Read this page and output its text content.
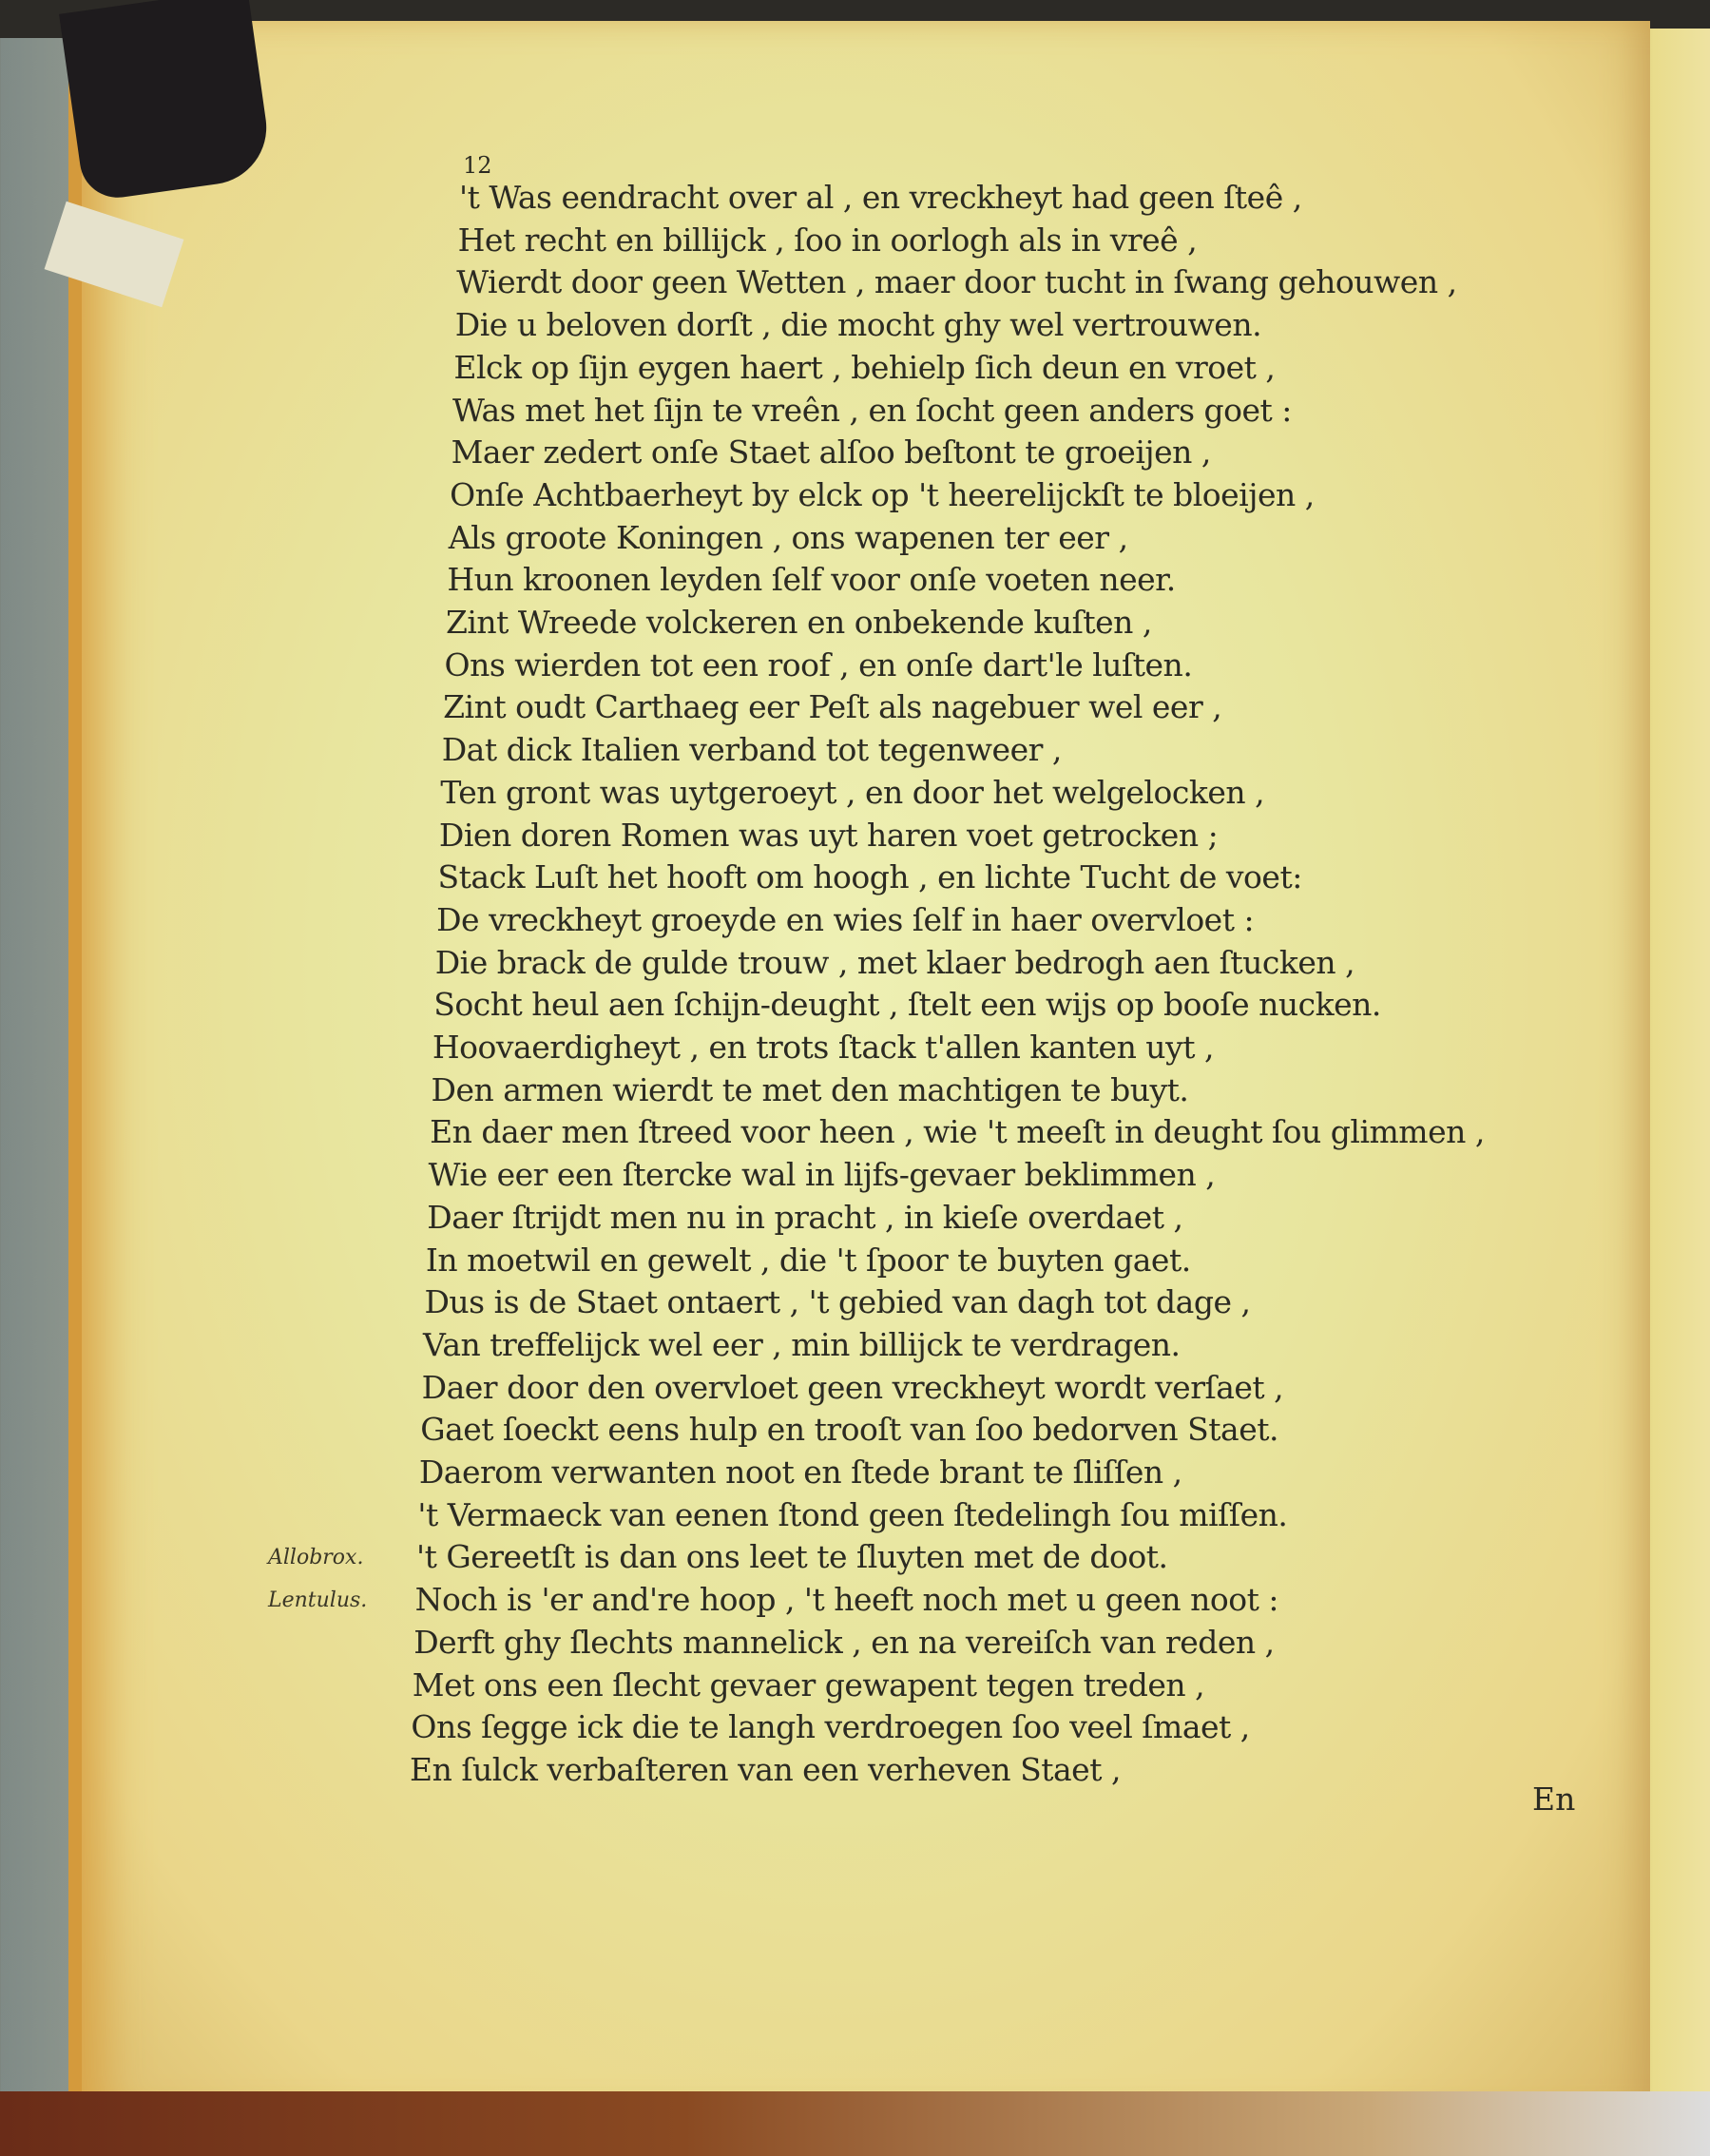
12
't Was eendracht over al , en vreckheyt had geen ſteê ,
Het recht en billijck , ſoo in oorlogh als in vreê ,
Wierdt door geen Wetten , maer door tucht in ſwang gehouwen ,
Die u beloven dorſt , die mocht ghy wel vertrouwen.
Elck op ſijn eygen haert , behielp ſich deun en vroet ,
Was met het ſijn te vreên , en ſocht geen anders goet :
Maer zedert onſe Staet alſoo beſtont te groeijen ,
Onſe Achtbaerheyt by elck op 't heerelijckſt te bloeijen ,
Als groote Koningen , ons wapenen ter eer ,
Hun kroonen leyden ſelf voor onſe voeten neer.
Zint Wreede volckeren en onbekende kuſten ,
Ons wierden tot een roof , en onſe dart'le luſten.
Zint oudt Carthaeg eer Peſt als nagebuer wel eer ,
Dat dick Italien verband tot tegenweer ,
Ten gront was uytgeroeyt , en door het welgelocken ,
Dien doren Romen was uyt haren voet getrocken ;
Stack Luſt het hooft om hoogh , en lichte Tucht de voet:
De vreckheyt groeyde en wies ſelf in haer overvloet :
Die brack de gulde trouw , met klaer bedrogh aen ſtucken ,
Socht heul aen ſchijn-deught , ſtelt een wijs op booſe nucken.
Hoovaerdigheyt , en trots ſtack t'allen kanten uyt ,
Den armen wierdt te met den machtigen te buyt.
En daer men ſtreed voor heen , wie 't meeſt in deught ſou glimmen ,
Wie eer een ſtercke wal in lijfs-gevaer beklimmen ,
Daer ſtrijdt men nu in pracht , in kieſe overdaet ,
In moetwil en gewelt , die 't ſpoor te buyten gaet.
Dus is de Staet ontaert , 't gebied van dagh tot dage ,
Van treffelijck wel eer , min billijck te verdragen.
Daer door den overvloet geen vreckheyt wordt verſaet ,
Gaet ſoeckt eens hulp en trooſt van ſoo bedorven Staet.
Daerom verwanten noot en ſtede brant te ſliſſen ,
't Vermaeck van eenen ſtond geen ſtedelingh ſou miſſen.
't Gereetſt is dan ons leet te ſluyten met de doot.
Noch is 'er and're hoop , 't heeft noch met u geen noot :
Derft ghy ſlechts mannelick , en na vereiſch van reden ,
Met ons een ſlecht gevaer gewapent tegen treden ,
Ons ſegge ick die te langh verdroegen ſoo veel ſmaet ,
En ſulck verbaſteren van een verheven Staet ,
Allobrox.
Lentulus.
En
